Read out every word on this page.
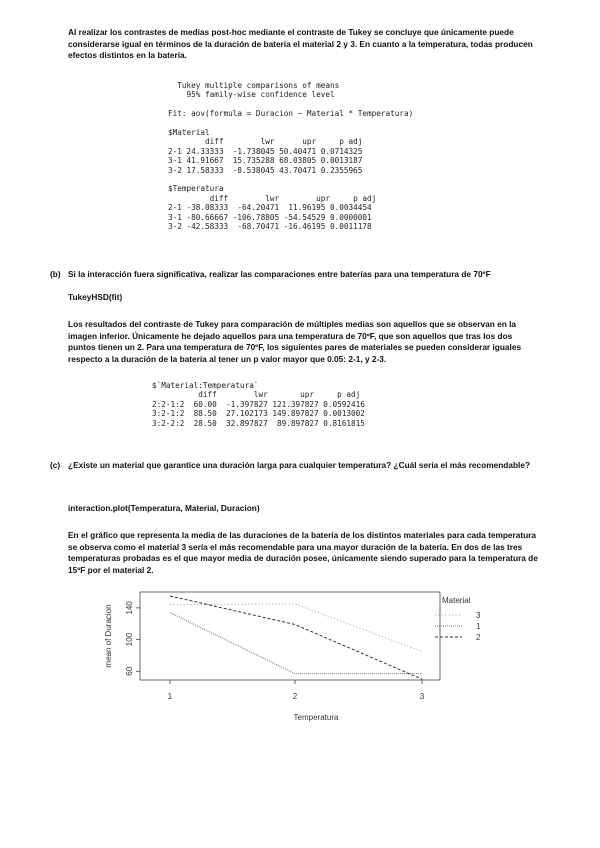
Al realizar los contrastes de medias post-hoc mediante el contraste de Tukey se concluye que únicamente puede considerarse igual en términos de la duración de batería el material 2 y 3. En cuanto a la temperatura, todas producen efectos distintos en la batería.
Tukey multiple comparisons of means
95% family-wise confidence level

Fit: aov(formula = Duracion ~ Material * Temperatura)

$Material
diff        lwr      upr     p adj
2-1 24.33333  -1.738045 50.40471 0.0714325
3-1 41.91667  15.735288 68.03805 0.0013187
3-2 17.58333  -8.538045 43.70471 0.2355965

$Temperatura
diff        lwr        upr     p adj
2-1 -38.08333  -64.20471  11.96195 0.0034454
3-1 -80.66667 -106.78805 -54.54529 0.0000001
3-2 -42.58333  -68.70471 -16.46195 0.0011178
(b) Si la interacción fuera significativa, realizar las comparaciones entre baterías para una temperatura de 70ºF
TukeyHSD(fit)
Los resultados del contraste de Tukey para comparación de múltiples medias son aquellos que se observan en la imagen inferior. Únicamente he dejado aquellos para una temperatura de 70ºF, que son aquellos que tras los dos puntos tienen un 2. Para una temperatura de 70ºF, los siguientes pares de materiales se pueden considerar iguales respecto a la duración de la batería al tener un p valor mayor que 0.05: 2-1, y 2-3.
$`Material:Temperatura`
diff        lwr       upr     p adj
2:2-1:2  60.00  -1.397827 121.397827 0.0592416
3:2-1:2  88.50  27.102173 149.897827 0.0013002
3:2-2:2  28.50  32.897827  89.897827 0.8161815
(c) ¿Existe un material que garantice una duración larga para cualquier temperatura? ¿Cuál sería el más recomendable?
interaction.plot(Temperatura, Material, Duracion)
En el gráfico que representa la media de las duraciones de la batería de los distintos materiales para cada temperatura se observa como el material 3 sería el más recomendable para una mayor duración de la batería. En dos de las tres temperaturas probadas es el que mayor media de duración posee, únicamente siendo superado para la temperatura de 15ºF por el material 2.
60
100
140
1	2	3
Temperatura
mean of Duracion
Material
3
1
2
